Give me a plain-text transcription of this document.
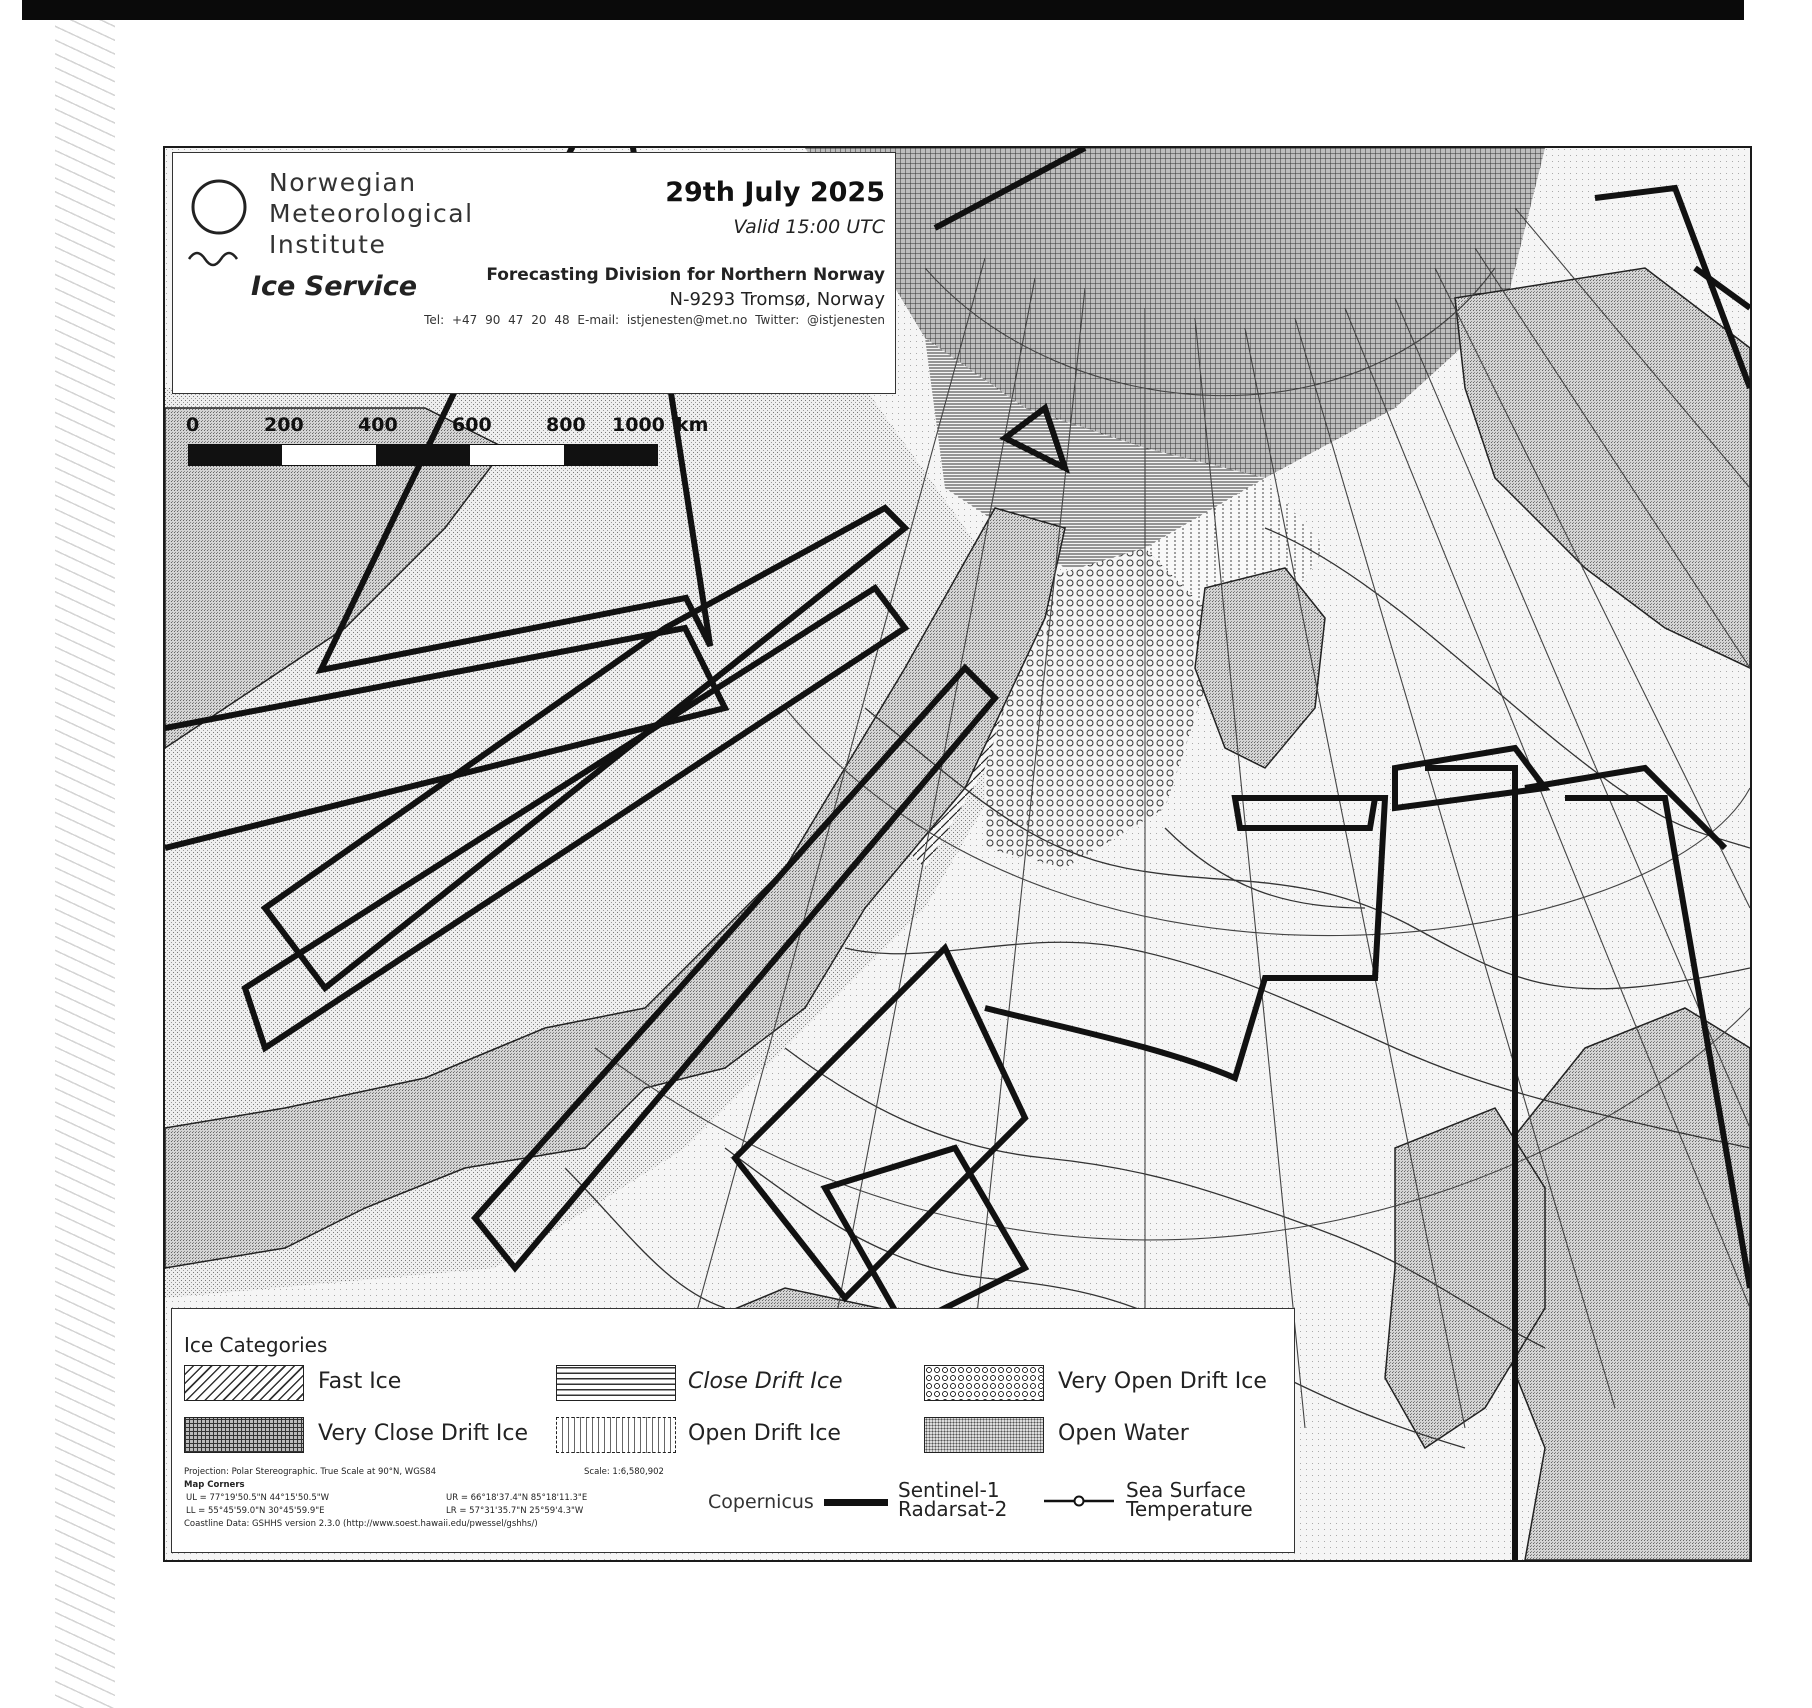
Norwegian
Meteorological
Institute
Ice Service
29th July 2025
Valid 15:00 UTC
Forecasting Division for Northern Norway
N-9293 Tromsø, Norway
Tel: +47 90 47 20 48 E-mail: istjenesten@met.no Twitter: @istjenesten
0	200	400	600	800 1000 km
Ice Categories
Fast Ice
Very Close Drift Ice
Close Drift Ice
Open Drift Ice
Very Open Drift Ice
Open Water
Projection: Polar Stereographic. True Scale at 90°N, WGS84	Scale: 1:6,580,902
Map Corners
UL = 77°19'50.5"N 44°15'50.5"W	UR = 66°18'37.4"N 85°18'11.3"E
LL = 55°45'59.0"N 30°45'59.9"E	LR = 57°31'35.7"N 25°59'4.3"W
Coastline Data: GSHHS version 2.3.0 (http://www.soest.hawaii.edu/pwessel/gshhs/)
Copernicus	Sentinel-1
Radarsat-2
Sea Surface
Temperature
